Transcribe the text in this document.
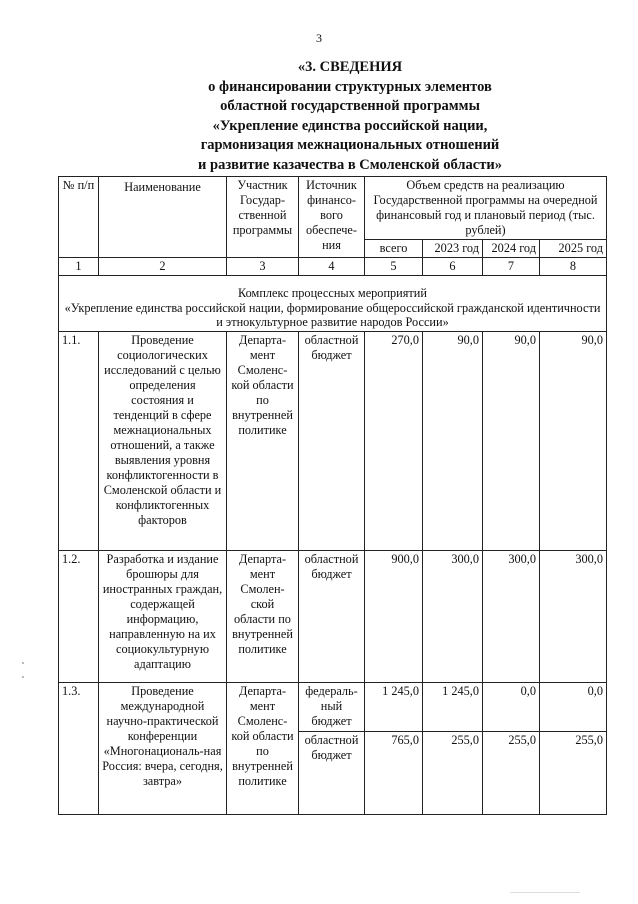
3
«3. СВЕДЕНИЯ
о финансировании структурных элементов
областной государственной программы
«Укрепление единства российской нации,
гармонизация межнациональных отношений
и развитие казачества в Смоленской области»
№ п/п	Наименование	Участник Государ-ственной программы	Источник финансо-вого обеспече-ния	Объем средств на реализацию Государственной программы на очередной финансовый год и плановый период (тыс. рублей)			
				всего	2023 год	2024 год	2025 год
1	2	3	4	5	6	7	8

Комплекс процессных мероприятий
«Укрепление единства российской нации, формирование общероссийской гражданской идентичности и этнокультурное развитие народов России»							

1.1.	Проведение социологических исследований с целью определения состояния и тенденций в сфере межнациональных отношений, а также выявления уровня конфликтогенности в Смоленской области и конфликтогенных факторов	Департа-мент Смоленс-кой области по внутренней политике	областной бюджет	270,0	90,0	90,0	90,0
1.2.	Разработка и издание брошюры для иностранных граждан, содержащей информацию, направленную на их социокультурную адаптацию	Департа-мент Смолен-ской области по внутренней политике	областной бюджет	900,0	300,0	300,0	300,0
1.3.	Проведение международной научно-практической конференции «Многонациональ-ная Россия: вчера, сегодня, завтра»	Департа-мент Смоленс-кой области по внутренней политике	федераль-ный бюджет	1 245,0	1 245,0	0,0	0,0
			областной бюджет	765,0	255,0	255,0	255,0
